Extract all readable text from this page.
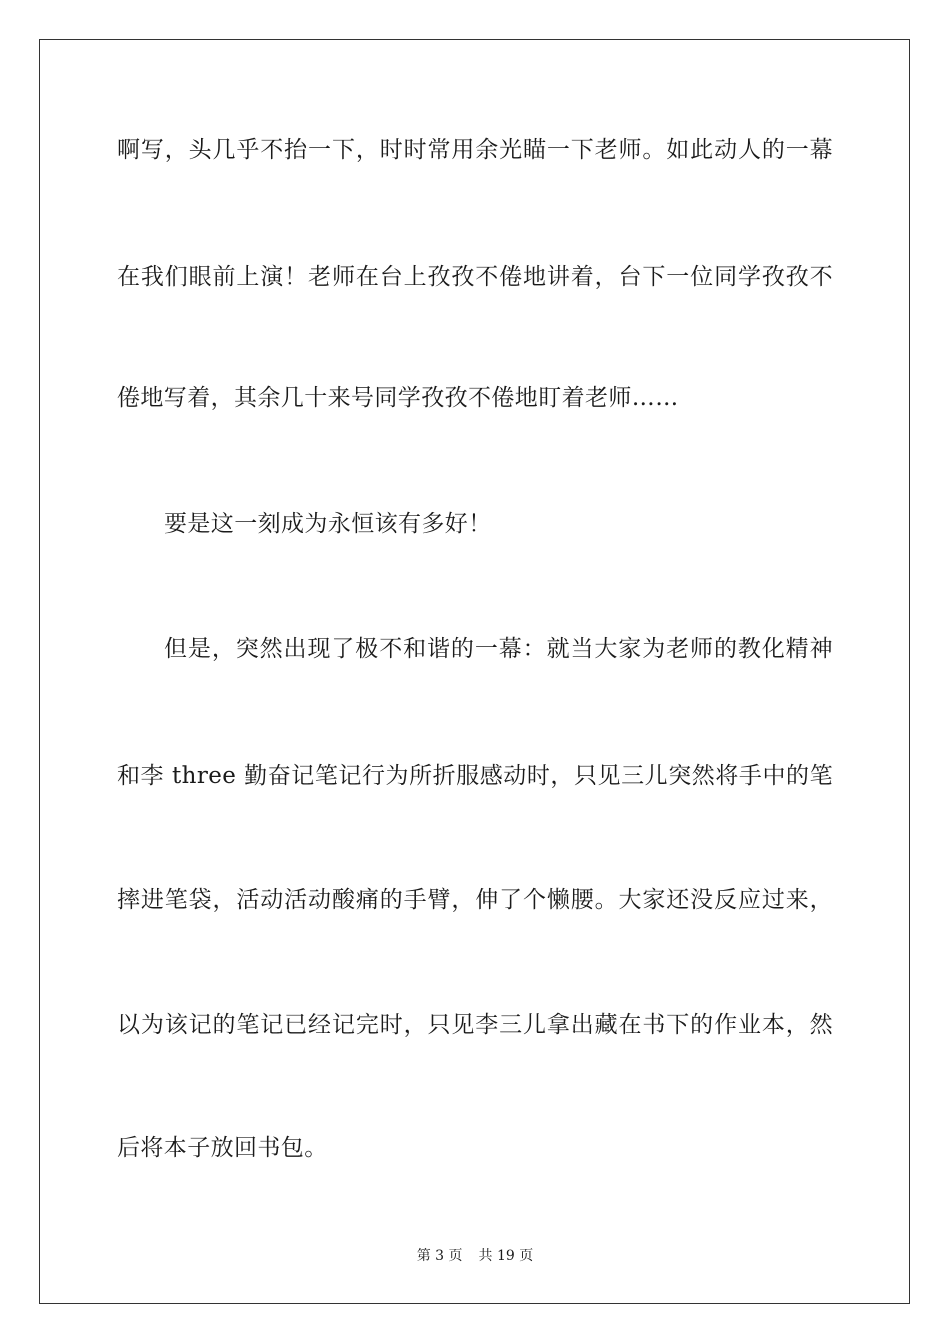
啊写，头几乎不抬一下，时时常用余光瞄一下老师。如此动人的一幕
在我们眼前上演！老师在台上孜孜不倦地讲着，台下一位同学孜孜不
倦地写着，其余几十来号同学孜孜不倦地盯着老师……
要是这一刻成为永恒该有多好！
但是，突然出现了极不和谐的一幕：就当大家为老师的教化精神
和李 three 勤奋记笔记行为所折服感动时，只见三儿突然将手中的笔
摔进笔袋，活动活动酸痛的手臂，伸了个懒腰。大家还没反应过来，
以为该记的笔记已经记完时，只见李三儿拿出藏在书下的作业本，然
后将本子放回书包。
第 3 页 共 19 页
